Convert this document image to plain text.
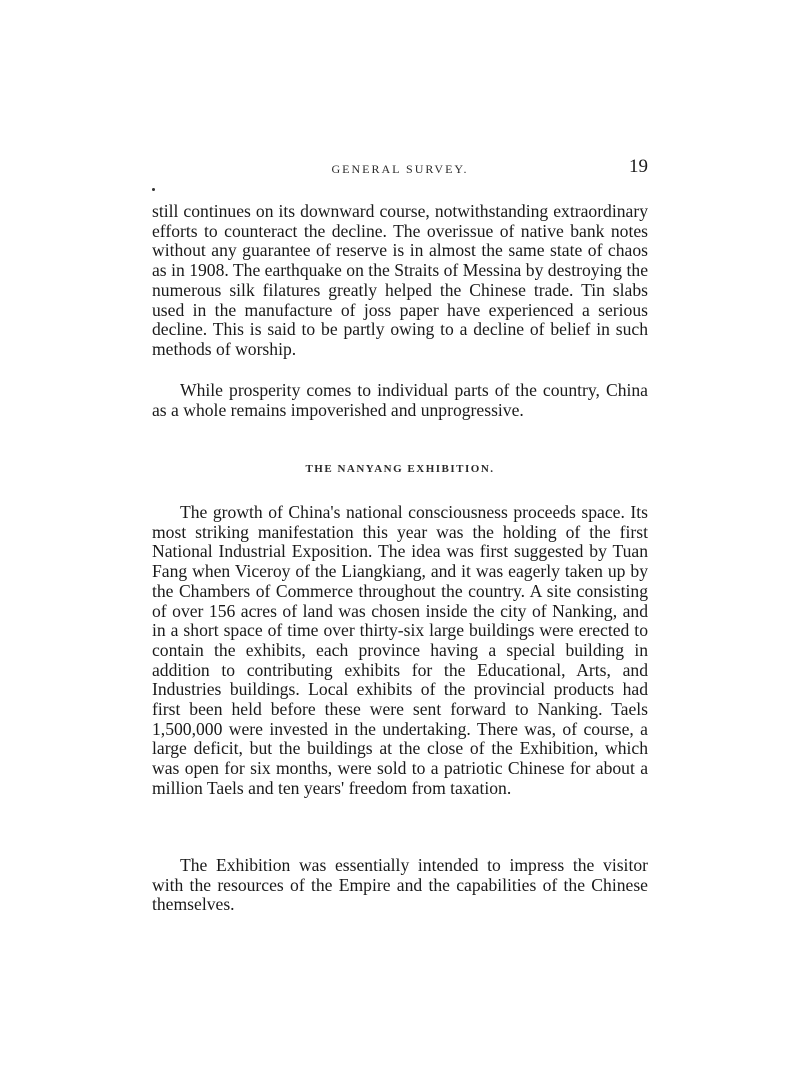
GENERAL SURVEY.	19

still continues on its downward course, notwithstanding extraordinary efforts to counteract the decline. The overissue of native bank notes without any guarantee of reserve is in almost the same state of chaos as in 1908. The earthquake on the Straits of Messina by destroying the numerous silk filatures greatly helped the Chinese trade. Tin slabs used in the manufacture of joss paper have experienced a serious decline. This is said to be partly owing to a decline of belief in such methods of worship.

While prosperity comes to individual parts of the country, China as a whole remains impoverished and unprogressive.

THE NANYANG EXHIBITION.

The growth of China's national consciousness proceeds space. Its most striking manifestation this year was the holding of the first National Industrial Exposition. The idea was first suggested by Tuan Fang when Viceroy of the Liangkiang, and it was eagerly taken up by the Chambers of Commerce throughout the country. A site consisting of over 156 acres of land was chosen inside the city of Nanking, and in a short space of time over thirty-six large buildings were erected to contain the exhibits, each province having a special building in addition to contributing exhibits for the Educational, Arts, and Industries buildings. Local exhibits of the provincial products had first been held before these were sent forward to Nanking. Taels 1,500,000 were invested in the undertaking. There was, of course, a large deficit, but the buildings at the close of the Exhibition, which was open for six months, were sold to a patriotic Chinese for about a million Taels and ten years' freedom from taxation.

The Exhibition was essentially intended to impress the visitor with the resources of the Empire and the capabilities of the Chinese themselves.
